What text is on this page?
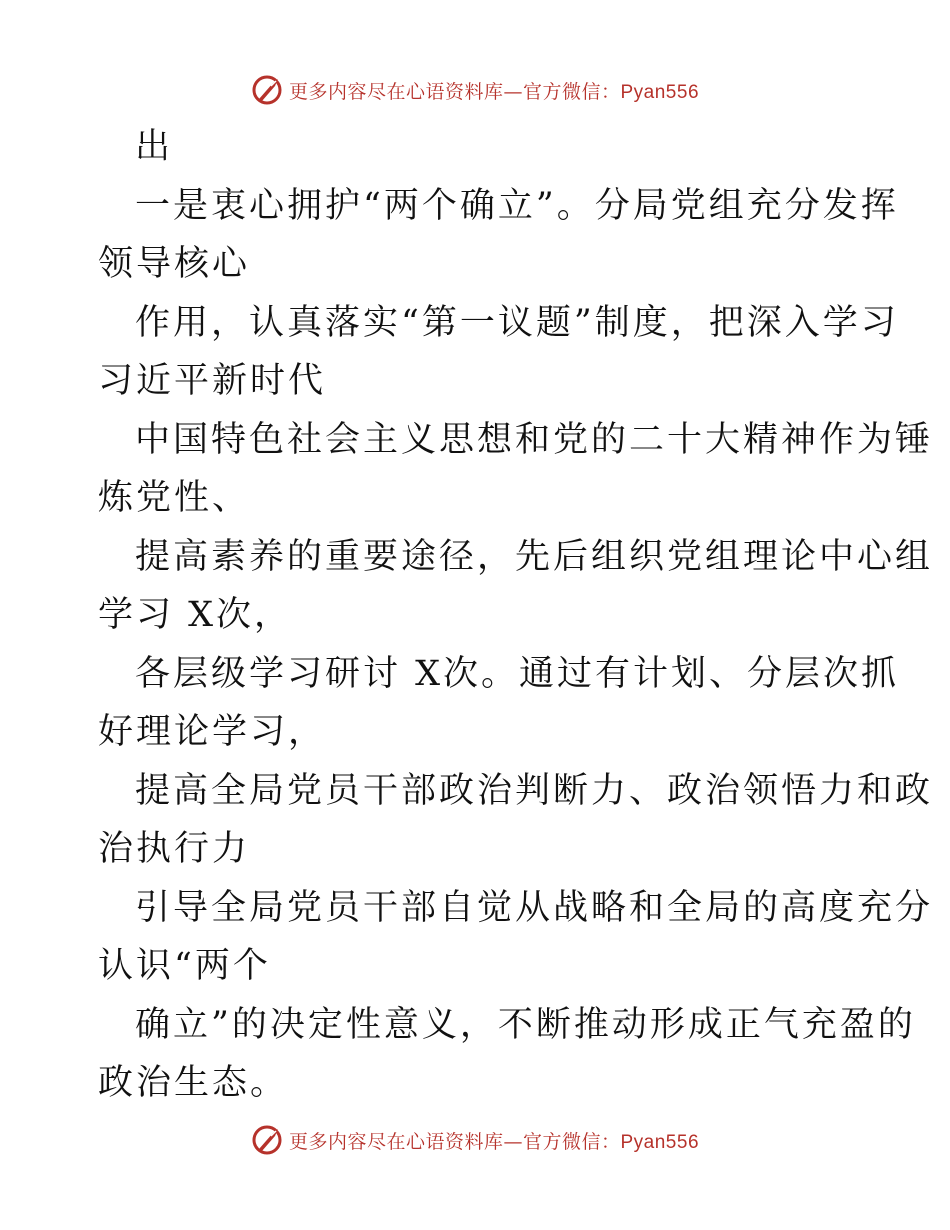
更多内容尽在心语资料库—官方微信：Pyan556

出

一是衷心拥护“两个确立”。分局党组充分发挥
领导核心

作用，认真落实“第一议题”制度，把深入学习
习近平新时代

中国特色社会主义思想和党的二十大精神作为锤
炼党性、

提高素养的重要途径，先后组织党组理论中心组
学习 X次，

各层级学习研讨 X次。通过有计划、分层次抓
好理论学习，

提高全局党员干部政治判断力、政治领悟力和政
治执行力

引导全局党员干部自觉从战略和全局的高度充分
认识“两个

确立”的决定性意义，不断推动形成正气充盈的
政治生态。

更多内容尽在心语资料库—官方微信：Pyan556
